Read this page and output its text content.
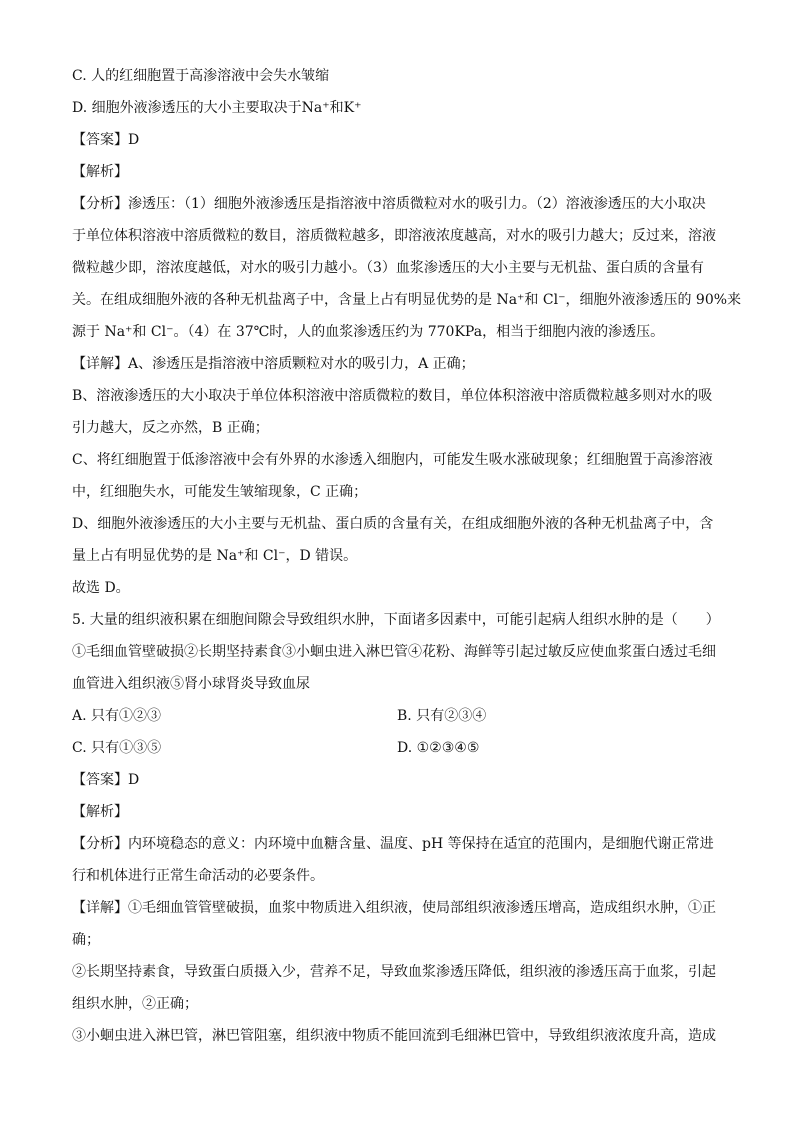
C. 人的红细胞置于高渗溶液中会失水皱缩
D. 细胞外液渗透压的大小主要取决于Na⁺和K⁺
【答案】D
【解析】
【分析】渗透压：（1）细胞外液渗透压是指溶液中溶质微粒对水的吸引力。（2）溶液渗透压的大小取决
于单位体积溶液中溶质微粒的数目，溶质微粒越多，即溶液浓度越高，对水的吸引力越大；反过来，溶液
微粒越少即，溶浓度越低，对水的吸引力越小。（3）血浆渗透压的大小主要与无机盐、蛋白质的含量有
关。在组成细胞外液的各种无机盐离子中，含量上占有明显优势的是 Na⁺和 Cl⁻，细胞外液渗透压的 90%来
源于 Na⁺和 Cl⁻。（4）在 37℃时，人的血浆渗透压约为 770KPa，相当于细胞内液的渗透压。
【详解】A、渗透压是指溶液中溶质颗粒对水的吸引力，A 正确；
B、溶液渗透压的大小取决于单位体积溶液中溶质微粒的数目，单位体积溶液中溶质微粒越多则对水的吸
引力越大，反之亦然，B 正确；
C、将红细胞置于低渗溶液中会有外界的水渗透入细胞内，可能发生吸水涨破现象；红细胞置于高渗溶液
中，红细胞失水，可能发生皱缩现象，C 正确；
D、细胞外液渗透压的大小主要与无机盐、蛋白质的含量有关，在组成细胞外液的各种无机盐离子中，含
量上占有明显优势的是 Na⁺和 Cl⁻，D 错误。
故选 D。
5. 大量的组织液积累在细胞间隙会导致组织水肿，下面诸多因素中，可能引起病人组织水肿的是（　　）
①毛细血管壁破损②长期坚持素食③小蛔虫进入淋巴管④花粉、海鲜等引起过敏反应使血浆蛋白透过毛细
血管进入组织液⑤肾小球肾炎导致血尿
A. 只有①②③	B. 只有②③④
C. 只有①③⑤	D. ①②③④⑤
【答案】D
【解析】
【分析】内环境稳态的意义：内环境中血糖含量、温度、pH 等保持在适宜的范围内，是细胞代谢正常进
行和机体进行正常生命活动的必要条件。
【详解】①毛细血管管壁破损，血浆中物质进入组织液，使局部组织液渗透压增高，造成组织水肿，①正
确；
②长期坚持素食，导致蛋白质摄入少，营养不足，导致血浆渗透压降低，组织液的渗透压高于血浆，引起
组织水肿，②正确；
③小蛔虫进入淋巴管，淋巴管阻塞，组织液中物质不能回流到毛细淋巴管中，导致组织液浓度升高，造成
